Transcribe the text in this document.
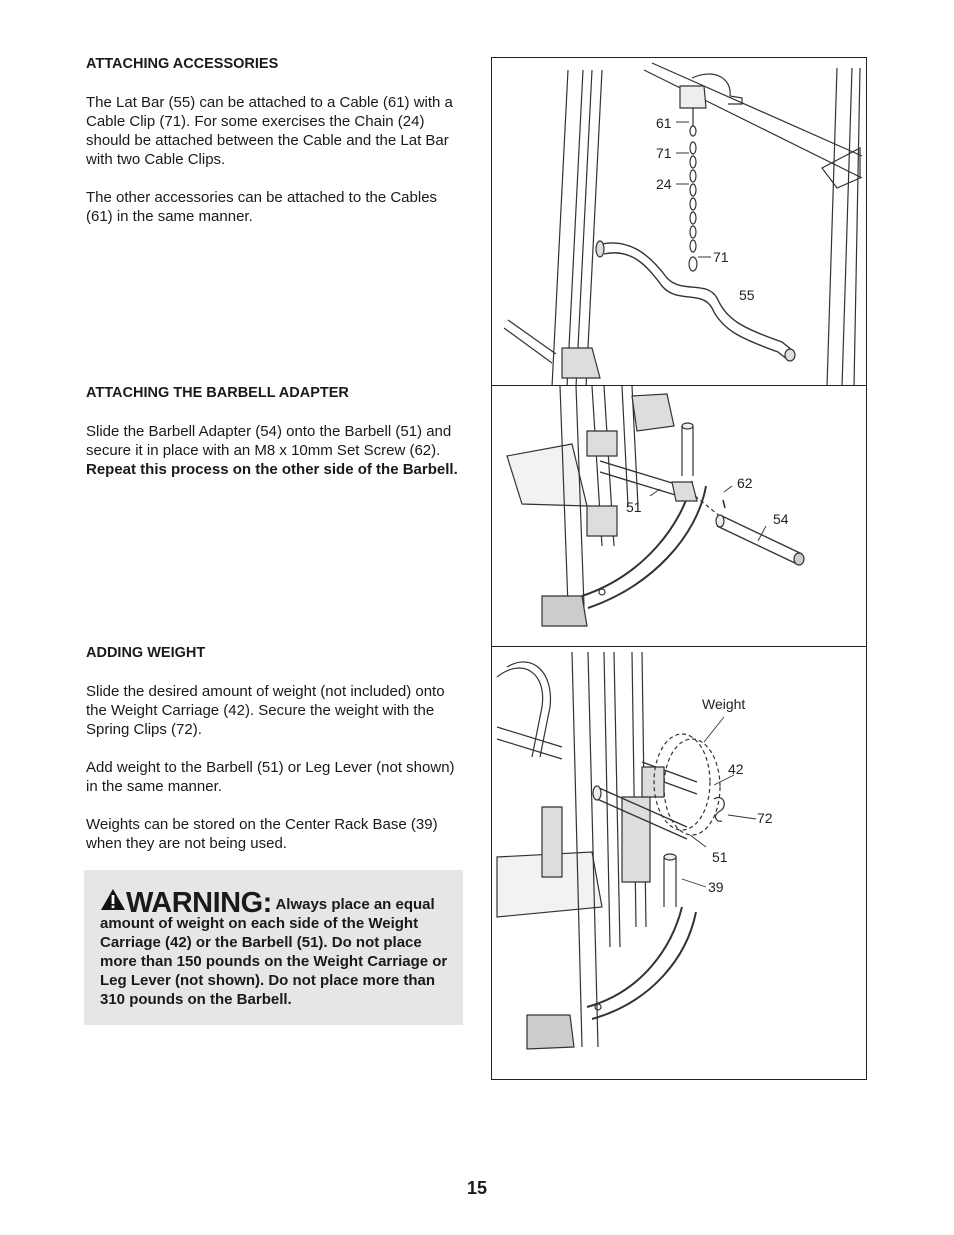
ATTACHING ACCESSORIES

The Lat Bar (55) can be attached to a Cable (61) with a Cable Clip (71). For some exercises the Chain (24) should be attached between the Cable and the Lat Bar with two Cable Clips.

The other accessories can be attached to the Cables (61) in the same manner.

ATTACHING THE BARBELL ADAPTER

Slide the Barbell Adapter (54) onto the Barbell (51) and secure it in place with an M8 x 10mm Set Screw (62). Repeat this process on the other side of the Barbell.

ADDING WEIGHT

Slide the desired amount of weight (not included) onto the Weight Carriage (42). Secure the weight with the Spring Clips (72).

Add weight to the Barbell (51) or Leg Lever (not shown) in the same manner.

Weights can be stored on the Center Rack Base (39) when they are not being used.

WARNING: Always place an equal amount of weight on each side of the Weight Carriage (42) or the Barbell (51). Do not place more than 150 pounds on the Weight Carriage or Leg Lever (not shown). Do not place more than 310 pounds on the Barbell.
61
71
24
71
55
62
51
54
Weight
42
72
51
39
15
